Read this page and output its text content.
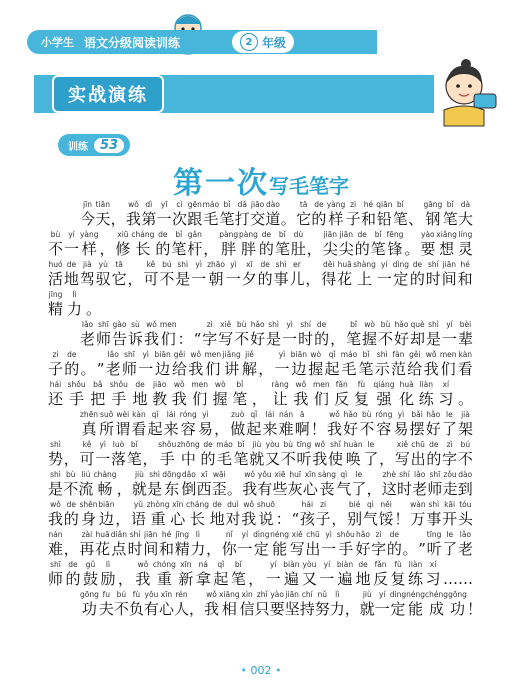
小学生 语文分级阅读训练	2 年级
实战演练
训练 53
第一次写毛笔字
jīn
今
tiān
天 ，
wǒ
我
dì
第
yī
一
cì
次
gēn
跟
máo
毛
bǐ
笔
dǎ
打
jiāo
交
dào
道 。
tā
它
de
的
yàng
样
zi
子
hé
和
qiān
铅
bǐ
笔 、
gāng
钢
bǐ
笔
dà
大
bù
不
yí
一
yàng
样 ，
xiū
修
cháng
长
de
的
bǐ
笔
gǎn
杆 ，
pàng
胖
pàng
胖
de
的
bǐ
笔
dù
肚 ，
jiān
尖
jiān
尖
de
的
bǐ
笔
fēng
锋 。
yào
要
xiǎng
想
líng
灵
huó
活
de
地
jià
驾
yù
驭
tā
它 ，
kě
可
bú
不
shì
是
yì
一
zhāo
朝
yì
一
xī
夕
de
的
shì
事
er
儿 ，
děi
得
huā
花
shàng
上
yí
一
dìng
定
de
的
shí
时
jiān
间
hé
和
jīng
精
lì
力 。
lǎo
老
shī
师
gào
告
sù
诉
wǒ
我
men
们 ： “
zì
字
xiě
写
bù
不
hǎo
好
shì
是
yì
一
shí
时
de
的 ，
bǐ
笔
wò
握
bù
不
hǎo
好
què
却
shì
是
yí
一
bèi
辈
zi
子
de
的 。 ”
lǎo
老
shī
师
yì
一
biān
边
gěi
给
wǒ
我
men
们
jiǎng
讲
jiě
解 ，
yì
一
biān
边
wò
握
qǐ
起
máo
毛
bǐ
笔
shì
示
fàn
范
gěi
给
wǒ
我
men
们
kàn
看
hái
还
shǒu
手
bǎ
把
shǒu
手
de
地
jiāo
教
wǒ
我
men
们
wò
握
bǐ
笔 ，
ràng
让
wǒ
我
men
们
fǎn
反
fù
复
qiáng
强
huà
化
liàn
练
xí
习 。
zhēn
真
suǒ
所
wèi
谓
kàn
看
qǐ
起
lái
来
róng
容
yì
易 ，
zuò
做
qǐ
起
lái
来
nán
难
ā
啊 ！
wǒ
我
hǎo
好
bù
不
róng
容
yì
易
bǎi
摆
hǎo
好
le
了
jià
架
shì
势 ，
kě
可
yì
一
luò
落
bǐ
笔 ，
shǒu
手
zhōng
中
de
的
máo
毛
bǐ
笔
jiù
就
yòu
又
bù
不
tīng
听
wǒ
我
shǐ
使
huàn
唤
le
了 ，
xiě
写
chū
出
de
的
zì
字
bú
不
shì
是
bù
不
liú
流
chàng
畅 ，
jiù
就
shì
是
dōng
东
dǎo
倒
xī
西
wāi
歪 。
wǒ
我
yǒu
有
xiē
些
huī
灰
xīn
心
sàng
丧
qì
气
le
了 ，
zhè
这
shí
时
lǎo
老
shī
师
zǒu
走
dào
到
wǒ
我
de
的
shēn
身
biān
边 ，
yǔ
语
zhòng
重
xīn
心
cháng
长
de
地
duì
对
wǒ
我
shuō
说 ： “
hái
孩
zi
子 ，
bié
别
qì
气
něi
馁 ！
wàn
万
shì
事
kāi
开
tóu
头
nán
难 ，
zài
再
huā
花
diǎn
点
shí
时
jiān
间
hé
和
jīng
精
lì
力 ，
nǐ
你
yí
一
dìng
定
néng
能
xiě
写
chū
出
yì
一
shǒu
手
hǎo
好
zì
字
de
的 。 ”
tīng
听
le
了
lǎo
老
shī
师
de
的
gǔ
鼓
lì
励 ，
wǒ
我
chóng
重
xīn
新
ná
拿
qǐ
起
bǐ
笔 ，
yí
一
biàn
遍
yòu
又
yí
一
biàn
遍
de
地
fǎn
反
fù
复
liàn
练
xí
习 ……
gōng
功
fu
夫
bú
不
fù
负
yǒu
有
xīn
心
rén
人 ，
wǒ
我
xiāng
相
xìn
信
zhǐ
只
yào
要
jiān
坚
chí
持
nǔ
努
lì
力 ，
jiù
就
yí
一
dìng
定
néng
能
chéng
成
gōng
功 ！
• 002 •
